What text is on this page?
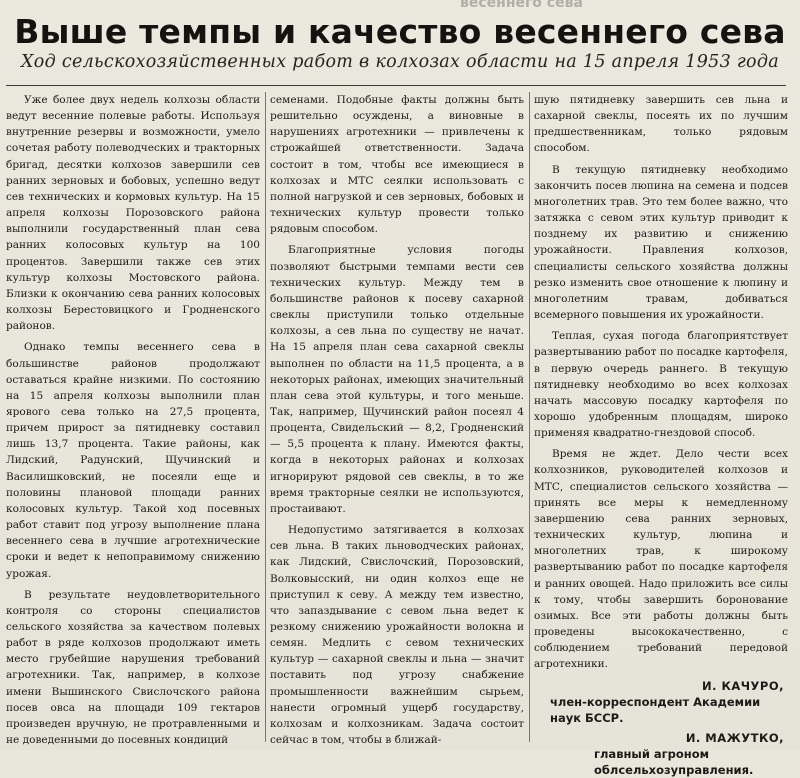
весеннего сева
Выше темпы и качество весеннего сева
Ход сельскохозяйственных работ в колхозах области на 15 апреля 1953 года

Уже более двух недель колхозы области ведут весенние полевые работы. Используя внутренние резервы и возможности, умело сочетая работу полеводческих и тракторных бригад, десятки колхозов завершили сев ранних зерновых и бобовых, успешно ведут сев технических и кормовых культур. На 15 апреля колхозы Порозовского района выполнили государственный план сева ранних колосовых культур на 100 процентов. Завершили также сев этих культур колхозы Мостовского района. Близки к окончанию сева ранних колосовых колхозы Берестовицкого и Гродненского районов.

Однако темпы весеннего сева в большинстве районов продолжают оставаться крайне низкими. По состоянию на 15 апреля колхозы выполнили план ярового сева только на 27,5 процента, причем прирост за пятидневку составил лишь 13,7 процента. Такие районы, как Лидский, Радунский, Щучинский и Василишковский, не посеяли еще и половины плановой площади ранних колосовых культур. Такой ход посевных работ ставит под угрозу выполнение плана весеннего сева в лучшие агротехнические сроки и ведет к непоправимому снижению урожая.

В результате неудовлетворительного контроля со стороны специалистов сельского хозяйства за качеством полевых работ в ряде колхозов продолжают иметь место грубейшие нарушения требований агротехники. Так, например, в колхозе имени Вышинского Свислочского района посев овса на площади 109 гектаров произведен вручную, не протравленными и не доведенными до посевных кондиций

семенами. Подобные факты должны быть решительно осуждены, а виновные в нарушениях агротехники — привлечены к строжайшей ответственности. Задача состоит в том, чтобы все имеющиеся в колхозах и МТС сеялки использовать с полной нагрузкой и сев зерновых, бобовых и технических культур провести только рядовым способом.

Благоприятные условия погоды позволяют быстрыми темпами вести сев технических культур. Между тем в большинстве районов к посеву сахарной свеклы приступили только отдельные колхозы, а сев льна по существу не начат. На 15 апреля план сева сахарной свеклы выполнен по области на 11,5 процента, а в некоторых районах, имеющих значительный план сева этой культуры, и того меньше. Так, например, Щучинский район посеял 4 процента, Свидельский — 8,2, Гродненский — 5,5 процента к плану. Имеются факты, когда в некоторых районах и колхозах игнорируют рядовой сев свеклы, в то же время тракторные сеялки не используются, простаивают.

Недопустимо затягивается в колхозах сев льна. В таких льноводческих районах, как Лидский, Свислочский, Порозовский, Волковысский, ни один колхоз еще не приступил к севу. А между тем известно, что запаздывание с севом льна ведет к резкому снижению урожайности волокна и семян. Медлить с севом технических культур — сахарной свеклы и льна — значит поставить под угрозу снабжение промышленности важнейшим сырьем, нанести огромный ущерб государству, колхозам и колхозникам. Задача состоит сейчас в том, чтобы в ближай-

шую пятидневку завершить сев льна и сахарной свеклы, посеять их по лучшим предшественникам, только рядовым способом.

В текущую пятидневку необходимо закончить посев люпина на семена и подсев многолетних трав. Это тем более важно, что затяжка с севом этих культур приводит к позднему их развитию и снижению урожайности. Правления колхозов, специалисты сельского хозяйства должны резко изменить свое отношение к люпину и многолетним травам, добиваться всемерного повышения их урожайности.

Теплая, сухая погода благоприятствует развертыванию работ по посадке картофеля, в первую очередь раннего. В текущую пятидневку необходимо во всех колхозах начать массовую посадку картофеля по хорошо удобренным площадям, широко применяя квадратно-гнездовой способ.

Время не ждет. Дело чести всех колхозников, руководителей колхозов и МТС, специалистов сельского хозяйства — принять все меры к немедленному завершению сева ранних зерновых, технических культур, люпина и многолетних трав, к широкому развертыванию работ по посадке картофеля и ранних овощей. Надо приложить все силы к тому, чтобы завершить боронование озимых. Все эти работы должны быть проведены высококачественно, с соблюдением требований передовой агротехники.

И. КАЧУРО,
член-корреспондент Академии наук БССР.
И. МАЖУТКО,
главный агроном облсельхозуправления.
